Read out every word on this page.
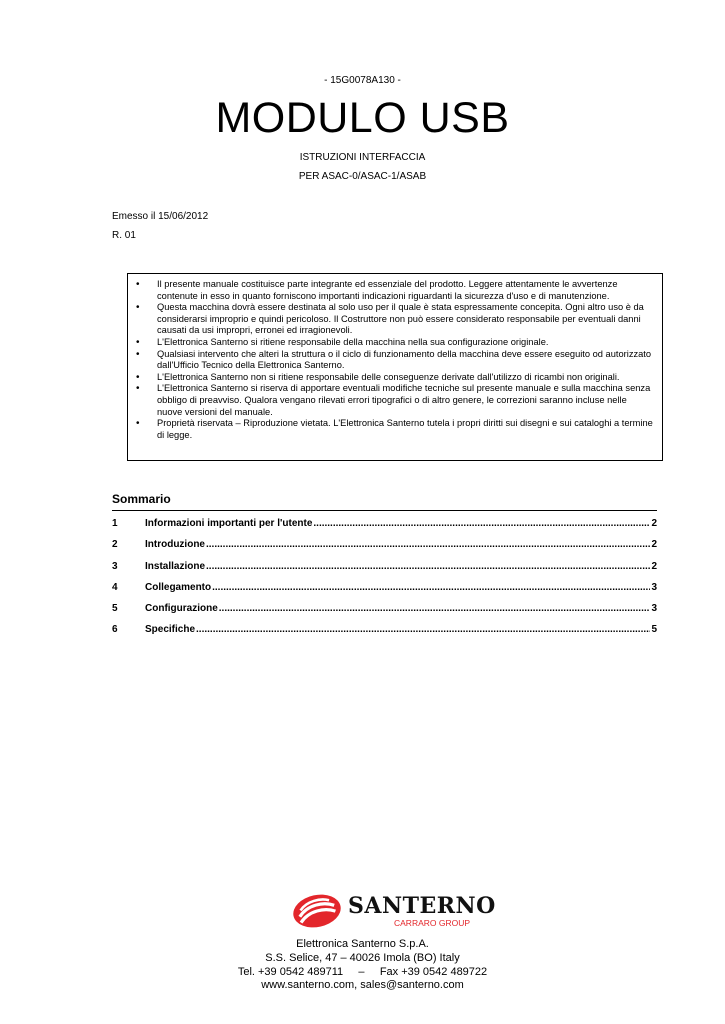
- 15G0078A130 -
MODULO USB
ISTRUZIONI INTERFACCIA
PER ASAC-0/ASAC-1/ASAB
Emesso il 15/06/2012
R. 01
• Il presente manuale costituisce parte integrante ed essenziale del prodotto. Leggere attentamente le avvertenze contenute in esso in quanto forniscono importanti indicazioni riguardanti la sicurezza d'uso e di manutenzione.
• Questa macchina dovrà essere destinata al solo uso per il quale è stata espressamente concepita. Ogni altro uso è da considerarsi improprio e quindi pericoloso. Il Costruttore non può essere considerato responsabile per eventuali danni causati da usi impropri, erronei ed irragionevoli.
• L'Elettronica Santerno si ritiene responsabile della macchina nella sua configurazione originale.
• Qualsiasi intervento che alteri la struttura o il ciclo di funzionamento della macchina deve essere eseguito od autorizzato dall'Ufficio Tecnico della Elettronica Santerno.
• L'Elettronica Santerno non si ritiene responsabile delle conseguenze derivate dall'utilizzo di ricambi non originali.
• L'Elettronica Santerno si riserva di apportare eventuali modifiche tecniche sul presente manuale e sulla macchina senza obbligo di preavviso. Qualora vengano rilevati errori tipografici o di altro genere, le correzioni saranno incluse nelle nuove versioni del manuale.
• Proprietà riservata – Riproduzione vietata. L'Elettronica Santerno tutela i propri diritti sui disegni e sui cataloghi a termine di legge.
Sommario
1	Informazioni importanti per l'utente .....	2
2	Introduzione .....	2
3	Installazione .....	2
4	Collegamento .....	3
5	Configurazione .....	3
6	Specifiche .....	5
SANTERNO
CARRARO GROUP
Elettronica Santerno S.p.A.
S.S. Selice, 47 – 40026 Imola (BO) Italy
Tel. +39 0542 489711     –     Fax +39 0542 489722
www.santerno.com, sales@santerno.com
